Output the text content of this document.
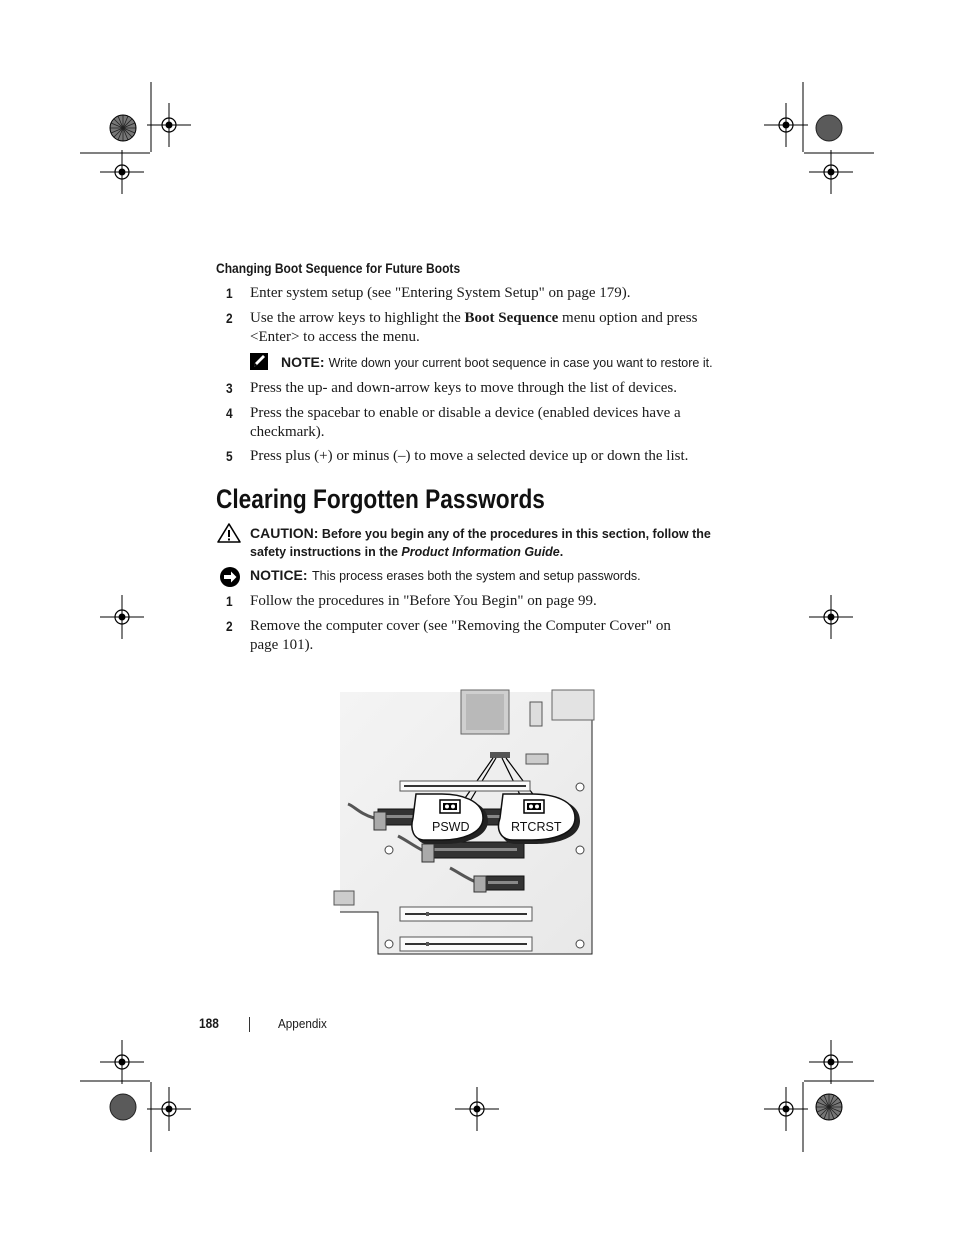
Changing Boot Sequence for Future Boots
1 Enter system setup (see "Entering System Setup" on page 179).
2 Use the arrow keys to highlight the Boot Sequence menu option and press
<Enter> to access the menu.
NOTE: Write down your current boot sequence in case you want to restore it.
3 Press the up- and down-arrow keys to move through the list of devices.
4 Press the spacebar to enable or disable a device (enabled devices have a
checkmark).
5 Press plus (+) or minus (–) to move a selected device up or down the list.
Clearing Forgotten Passwords
CAUTION: Before you begin any of the procedures in this section, follow the
safety instructions in the Product Information Guide.
NOTICE: This process erases both the system and setup passwords.
1 Follow the procedures in "Before You Begin" on page 99.
2 Remove the computer cover (see "Removing the Computer Cover" on
page 101).
PSWD	RTCRST
188	Appendix
